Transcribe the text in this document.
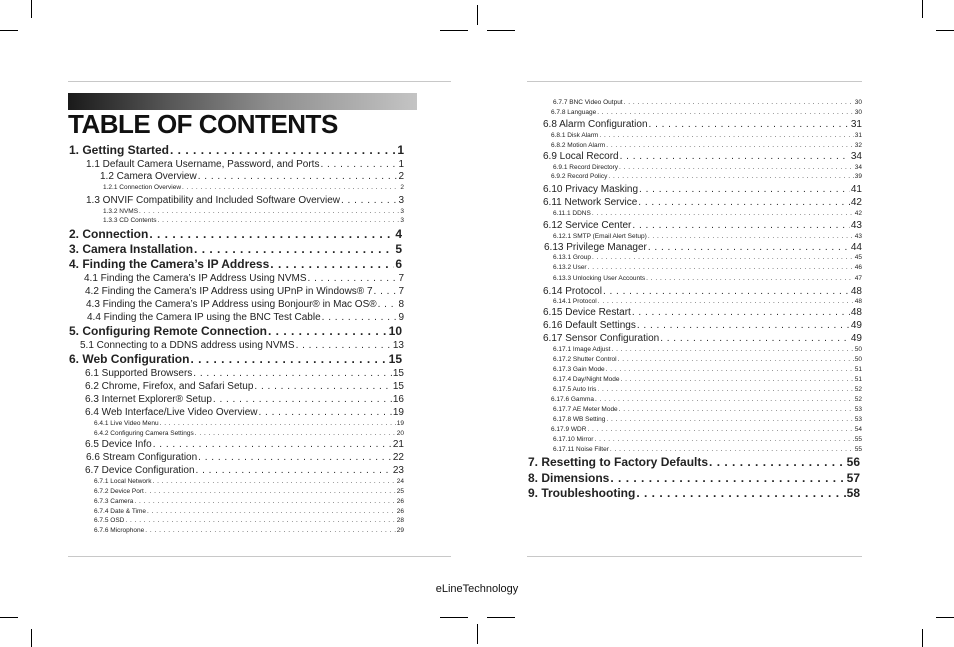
TABLE OF CONTENTS
1. Getting Started . . .	1
1.1 Default Camera Username, Password, and Ports . . .	1
1.2 Camera Overview . . .	2
1.2.1 Connection Overview . . .	2
1.3 ONVIF Compatibility and Included Software Overview . . .	3
1.3.2 NVMS . . .	3
1.3.3 CD Contents . . .	3
2. Connection . . .	4
3. Camera Installation . . .	5
4. Finding the Camera’s IP Address . . .	6
4.1 Finding the Camera’s IP Address Using NVMS . . .	7
4.2 Finding the Camera’s IP Address using UPnP in Windows® 7 . . .	7
4.3 Finding the Camera’s IP Address using Bonjour® in Mac OS® . . . 8
4.4 Finding the Camera IP using the BNC Test Cable . . .	9
5. Configuring Remote Connection . . .	10
5.1 Connecting to a DDNS address using NVMS . . .	13
6. Web Configuration . . .	15
6.1 Supported Browsers . . .	15
6.2 Chrome, Firefox, and Safari Setup . . .	15
6.3 Internet Explorer® Setup . . .	16
6.4 Web Interface/Live Video Overview . . .	19
6.4.1 Live Video Menu . . .	19
6.4.2 Configuring Camera Settings . . .	20
6.5 Device Info . . .	21
6.6 Stream Configuration . . .	22
6.7 Device Configuration . . .	23
6.7.1 Local Network . . .	24
6.7.2 Device Port . . .	25
6.7.3 Camera . . .	26
6.7.4 Date & Time . . .	26
6.7.5 OSD . . .	28
6.7.6 Microphone . . .	29
6.7.7 BNC Video Output . . .	30
6.7.8 Language . . .	30
6.8 Alarm Configuration . . .	31
6.8.1 Disk Alarm . . .	31
6.8.2 Motion Alarm . . .	32
6.9 Local Record . . .	34
6.9.1 Record Directory . . .	34
6.9.2 Record Policy . . .	39
6.10 Privacy Masking . . .	41
6.11 Network Service . . .	42
6.11.1 DDNS . . .	42
6.12 Service Center . . .	43
6.12.1 SMTP (Email Alert Setup) . . .	43
6.13 Privilege Manager . . .	44
6.13.1 Group . . .	45
6.13.2 User . . .	46
6.13.3 Unlocking User Accounts . . .	47
6.14 Protocol . . .	48
6.14.1 Protocol . . .	48
6.15 Device Restart . . .	48
6.16 Default Settings . . .	49
6.17 Sensor Configuration . . .	49
6.17.1 Image Adjust . . .	50
6.17.2 Shutter Control . . .	50
6.17.3 Gain Mode . . .	51
6.17.4 Day/Night Mode . . .	51
6.17.5 Auto Iris . . .	52
6.17.6 Gamma . . .	52
6.17.7 AE Meter Mode . . .	53
6.17.8 WB Setting . . .	53
6.17.9 WDR . . .	54
6.17.10 Mirror . . .	55
6.17.11 Noise Filter . . .	55
7. Resetting to Factory Defaults . . .	56
8. Dimensions . . .	57
9. Troubleshooting . . .	58
eLineTechnology
